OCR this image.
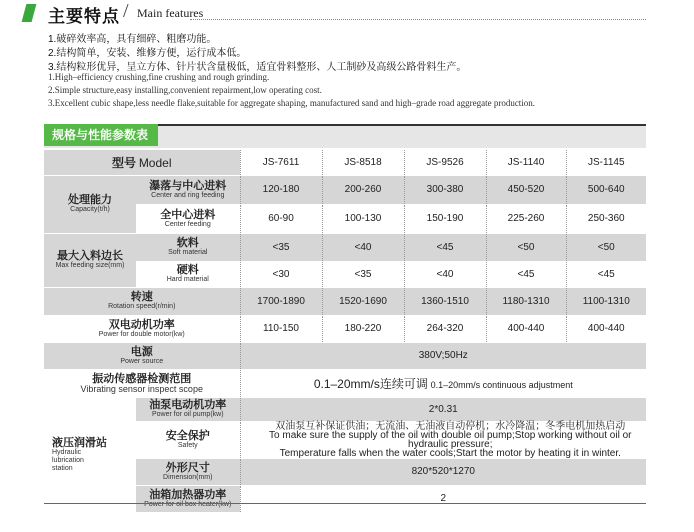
主要特点 / Main features
1.破碎效率高，具有细碎、粗磨功能。
2.结构简单，安装、维修方便，运行成本低。
3.结构粒形优异，呈立方体、针片状含量极低，适宜骨料整形、人工制砂及高级公路骨料生产。
1.High–efficiency crushing,fine crushing and rough grinding.
2.Simple structure,easy installing,convenient repairment,low operating cost.
3.Excellent cubic shape,less needle flake,suitable for aggregate shaping, manufactured sand and high–grade road aggregate production.
规格与性能参数表
型号 Model		JS-7611	JS-8518	JS-9526	JS-1140	JS-1145

处理能力
Capacity(t/h)	瀑落与中心进料
Center and ring feeding	120-180	200-260	300-380	450-520	500-640

	全中心进料
Center feeding	60-90	100-130	150-190	225-260	250-360

最大入料边长
Max feeding size(mm)	软料
Soft material	<35	<40	<45	<50	<50

	硬料
Hard material	<30	<35	<40	<45	<45

转速
Rotation speed(r/min)		1700-1890	1520-1690	1360-1510	1180-1310	1100-1310

双电动机功率
Power for double motor(kw)		110-150	180-220	264-320	400-440	400-440

电源
Power source		380V;50Hz				

振动传感器检测范围
Vibrating sensor inspect scope		0.1–20mm/s连续可调 0.1–20mm/s continuous adjustment				

液压润滑站
Hydraulic
lubrication
station	油泵电动机功率
Power for oil pump(kw)	2*0.31				

	安全保护
Safety	双油泵互补保证供油；无流油、无油液自动停机；水冷降温；冬季电机加热启动
To make sure the supply of the oil with double oil pump;Stop working without oil or hydraulic pressure;
Temperature falls when the water cools;Start the motor by heating it in winter.				

	外形尺寸
Dimension(mm)	820*520*1270				

	油箱加热器功率
Power for oil box heater(kw)	2				
